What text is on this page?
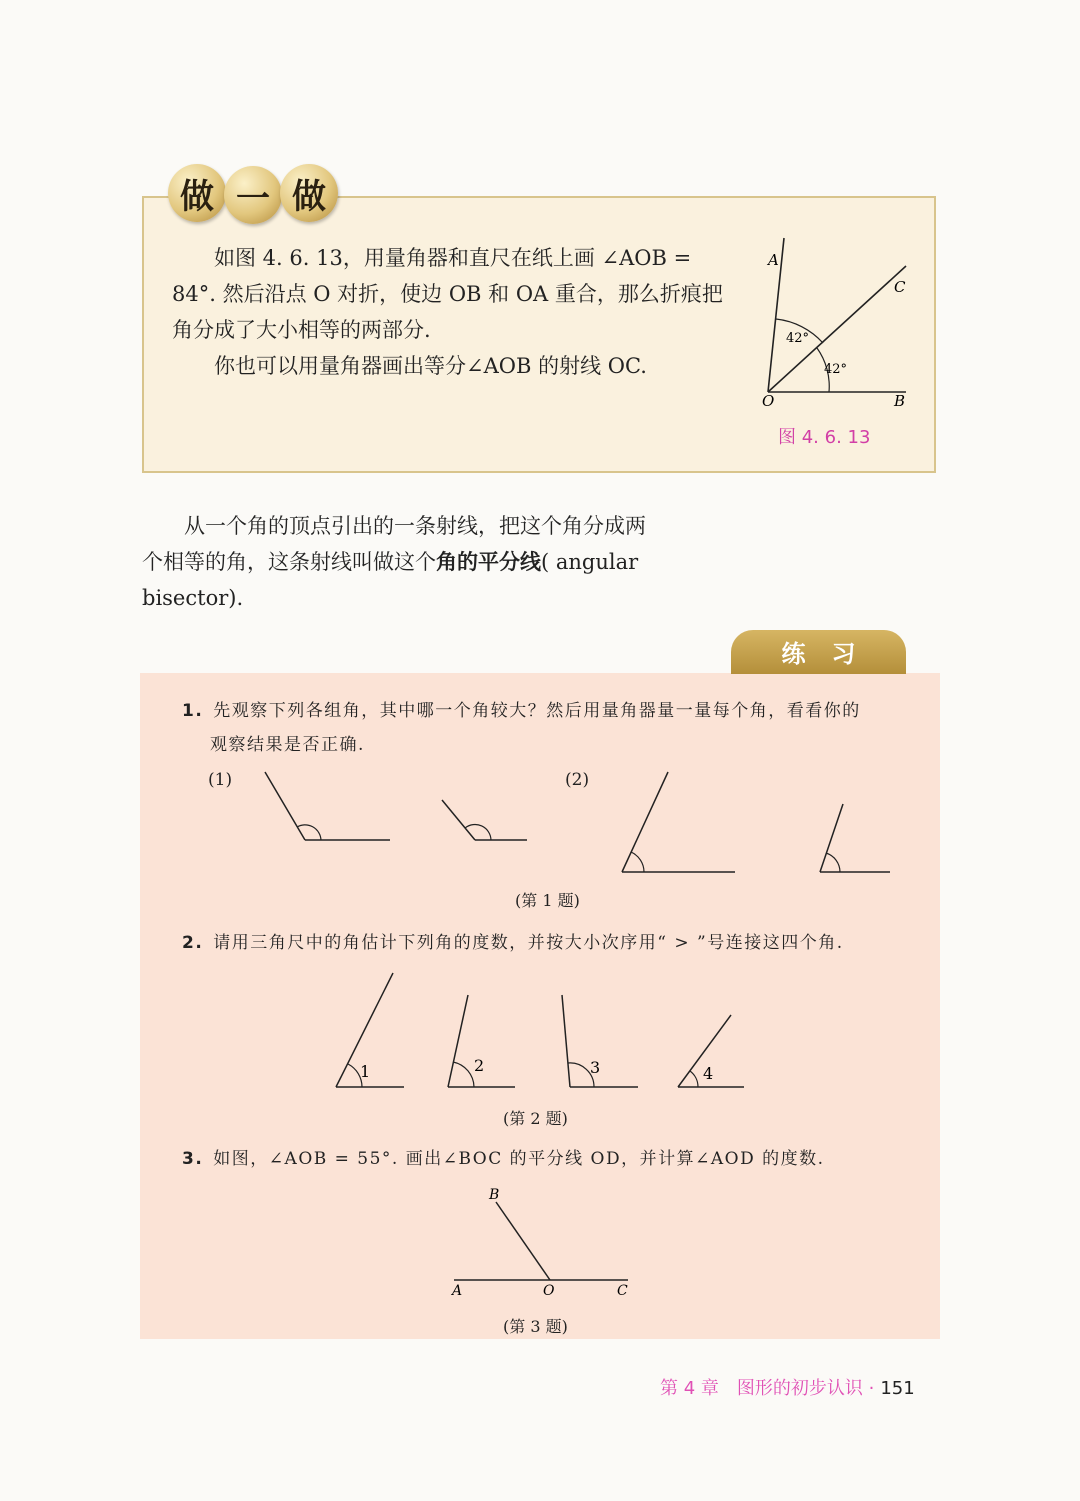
做 一 做

如图 4. 6. 13，用量角器和直尺在纸上画 ∠AOB =

84°. 然后沿点 O 对折，使边 OB 和 OA 重合，那么折痕把

角分成了大小相等的两部分.

你也可以用量角器画出等分∠AOB 的射线 OC.

A
C
O	B
42°
42°
图 4. 6. 13

从一个角的顶点引出的一条射线，把这个角分成两

个相等的角，这条射线叫做这个角的平分线( angular

bisector).

练习
1. 先观察下列各组角，其中哪一个角较大？然后用量角器量一量每个角，看看你的
观察结果是否正确.
(1)	(2)
(第 1 题)
2. 请用三角尺中的角估计下列角的度数，并按大小次序用“ > ”号连接这四个角.
1	2	3	4
(第 2 题)
3. 如图，∠AOB = 55°. 画出∠BOC 的平分线 OD，并计算∠AOD 的度数.
B
A	O	C
(第 3 题)
第 4 章　图形的初步认识 · 151
